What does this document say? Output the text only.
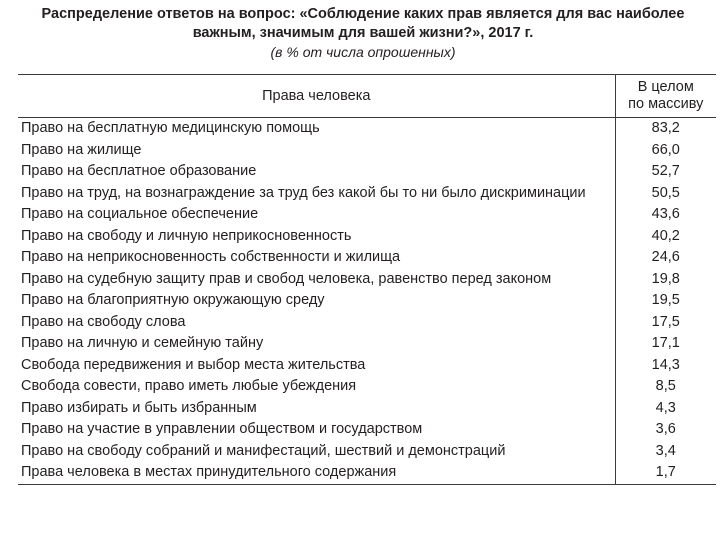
Распределение ответов на вопрос: «Соблюдение каких прав является для вас наиболее важным, значимым для вашей жизни?», 2017 г.

(в % от числа опрошенных)

Права человека	В целом
по массиву
Право на бесплатную медицинскую помощь	83,2
Право на жилище	66,0
Право на бесплатное образование	52,7
Право на труд, на вознаграждение за труд без какой бы то ни было дискриминации	50,5
Право на социальное обеспечение	43,6
Право на свободу и личную неприкосновенность	40,2
Право на неприкосновенность собственности и жилища	24,6
Право на судебную защиту прав и свобод человека, равенство перед законом	19,8
Право на благоприятную окружающую среду	19,5
Право на свободу слова	17,5
Право на личную и семейную тайну	17,1
Свобода передвижения и выбор места жительства	14,3
Свобода совести, право иметь любые убеждения	8,5
Право избирать и быть избранным	4,3
Право на участие в управлении обществом и государством	3,6
Право на свободу собраний и манифестаций, шествий и демонстраций	3,4
Права человека в местах принудительного содержания	1,7
